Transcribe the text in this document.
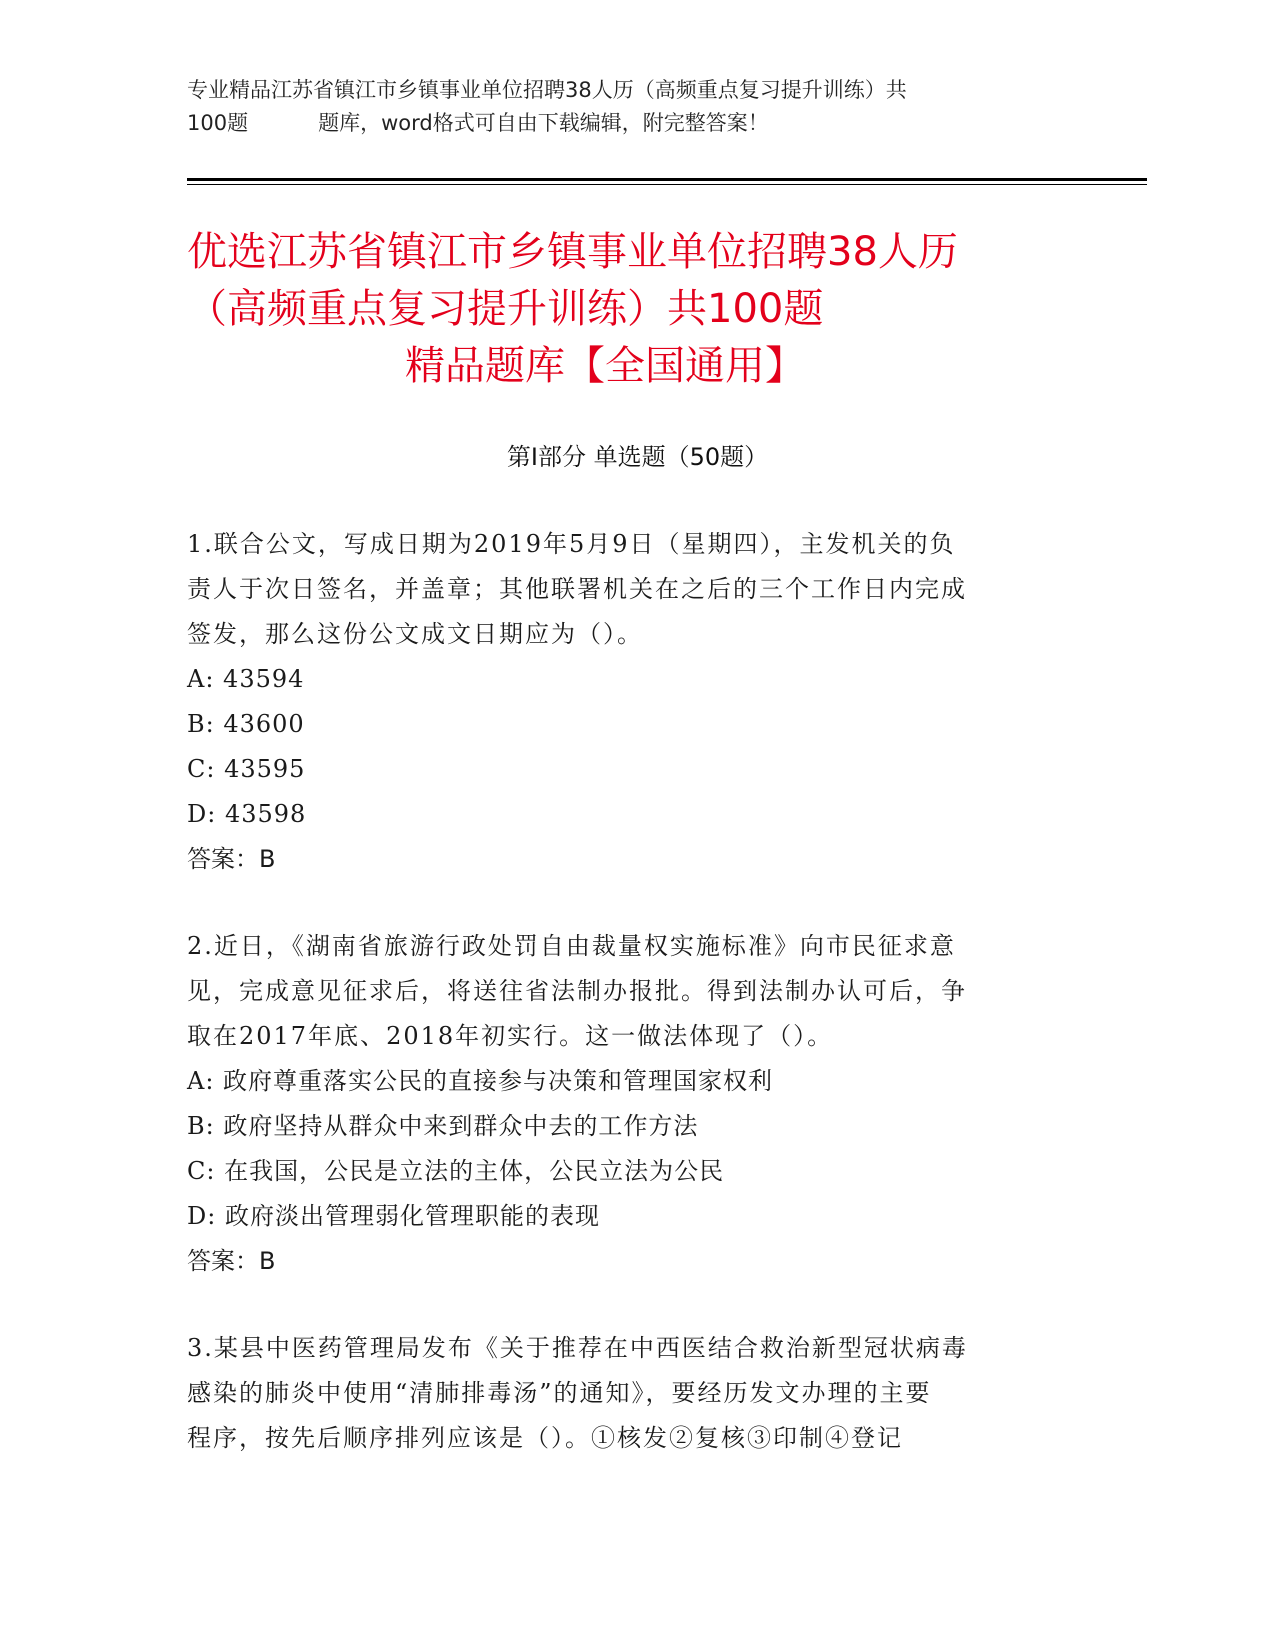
专业精品江苏省镇江市乡镇事业单位招聘38人历（高频重点复习提升训练）共
100题	题库，word格式可自由下载编辑，附完整答案！
优选江苏省镇江市乡镇事业单位招聘38人历
（高频重点复习提升训练）共100题
精品题库【全国通用】
第Ⅰ部分 单选题（50题）

1.联合公文，写成日期为2019年5月9日（星期四），主发机关的负

责人于次日签名，并盖章；其他联署机关在之后的三个工作日内完成

签发，那么这份公文成文日期应为（）。

A: 43594

B: 43600

C: 43595

D: 43598

答案：B

2.近日，《湖南省旅游行政处罚自由裁量权实施标准》向市民征求意

见，完成意见征求后，将送往省法制办报批。得到法制办认可后，争

取在2017年底、2018年初实行。这一做法体现了（）。

A: 政府尊重落实公民的直接参与决策和管理国家权利

B: 政府坚持从群众中来到群众中去的工作方法

C: 在我国，公民是立法的主体，公民立法为公民

D: 政府淡出管理弱化管理职能的表现

答案：B

3.某县中医药管理局发布《关于推荐在中西医结合救治新型冠状病毒

感染的肺炎中使用“清肺排毒汤”的通知》，要经历发文办理的主要

程序，按先后顺序排列应该是（）。①核发②复核③印制④登记
